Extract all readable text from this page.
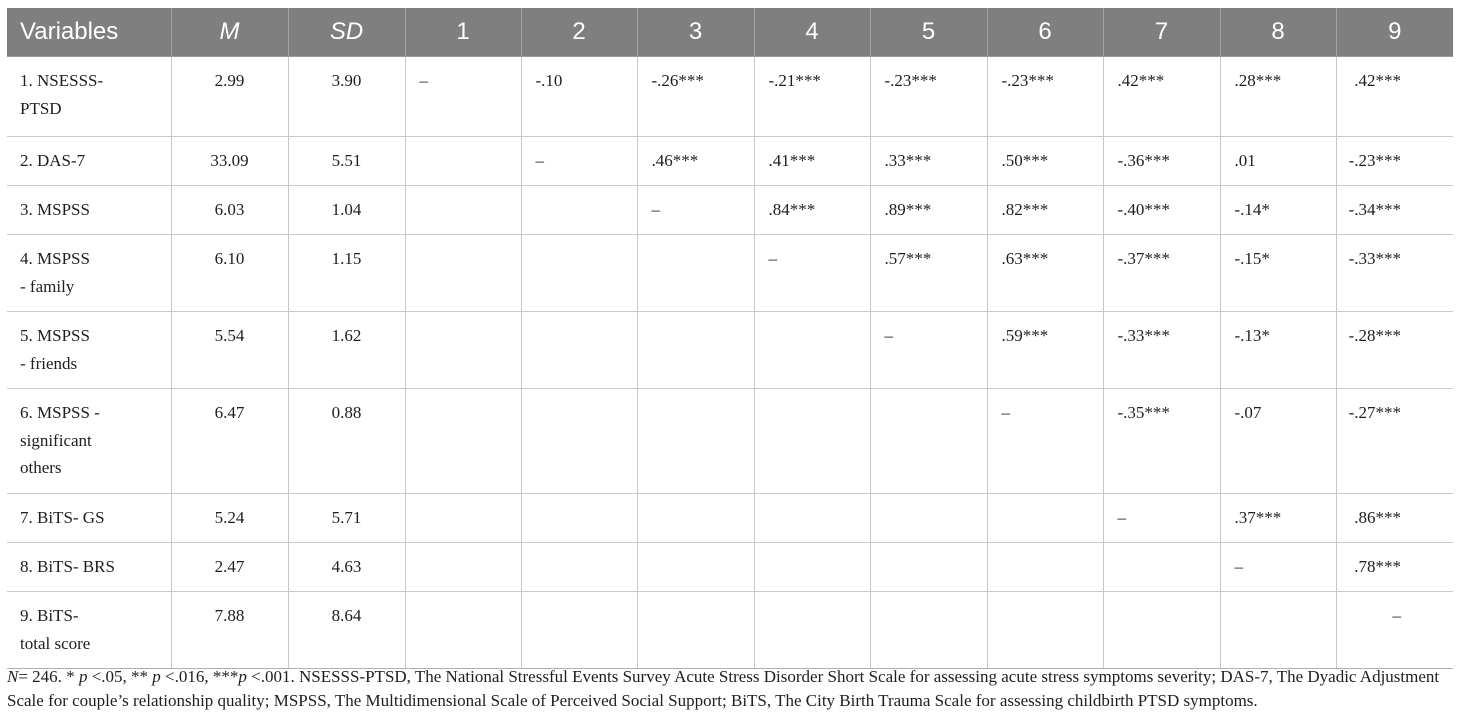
Variables	M	SD	1	2	3	4	5	6	7	8	9
1. NSESSS-
PTSD	2.99	3.90	–	-.10	-.26***	-.21***	-.23***	-.23***	.42***	.28***	.42***
2. DAS-7	33.09	5.51		–	.46***	.41***	.33***	.50***	-.36***	.01	-.23***
3. MSPSS	6.03	1.04			–	.84***	.89***	.82***	-.40***	-.14*	-.34***
4. MSPSS
- family	6.10	1.15				–	.57***	.63***	-.37***	-.15*	-.33***
5. MSPSS
- friends	5.54	1.62					–	.59***	-.33***	-.13*	-.28***
6. MSPSS -
significant
others	6.47	0.88						–	-.35***	-.07	-.27***
7. BiTS- GS	5.24	5.71							–	.37***	.86***
8. BiTS- BRS	2.47	4.63								–	.78***
9. BiTS-
total score	7.88	8.64									–
N= 246. * p <.05, ** p <.016, ***p <.001. NSESSS-PTSD, The National Stressful Events Survey Acute Stress Disorder Short Scale for assessing acute stress symptoms severity; DAS-7, The Dyadic Adjustment Scale for couple’s relationship quality; MSPSS, The Multidimensional Scale of Perceived Social Support; BiTS, The City Birth Trauma Scale for assessing childbirth PTSD symptoms.
